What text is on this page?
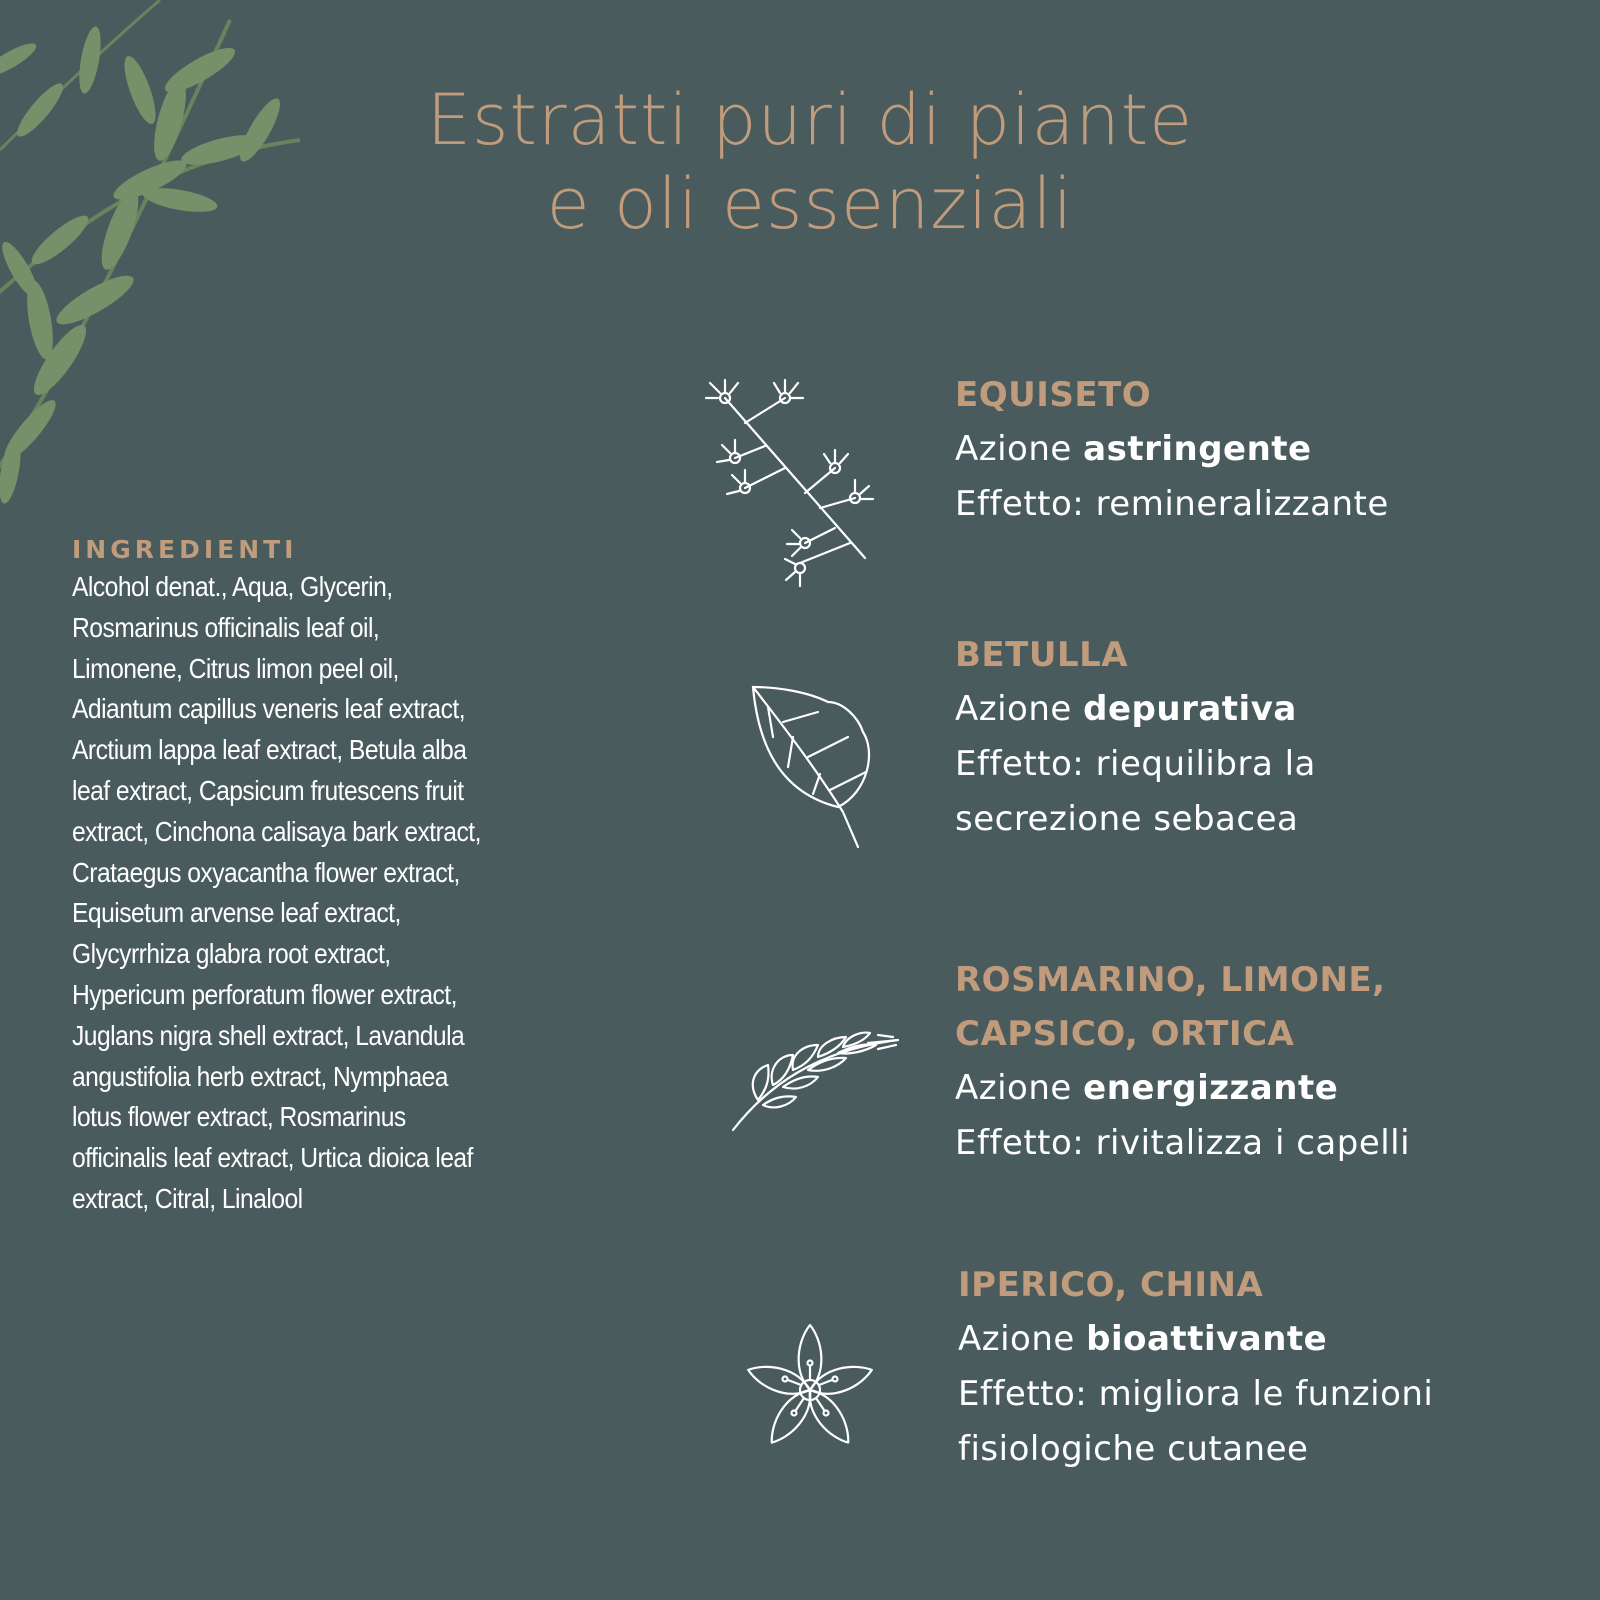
Estratti puri di piante
e oli essenziali
INGREDIENTI
Alcohol denat., Aqua, Glycerin,
Rosmarinus officinalis leaf oil,
Limonene, Citrus limon peel oil,
Adiantum capillus veneris leaf extract,
Arctium lappa leaf extract, Betula alba
leaf extract, Capsicum frutescens fruit
extract, Cinchona calisaya bark extract,
Crataegus oxyacantha flower extract,
Equisetum arvense leaf extract,
Glycyrrhiza glabra root extract,
Hypericum perforatum flower extract,
Juglans nigra shell extract, Lavandula
angustifolia herb extract, Nymphaea
lotus flower extract, Rosmarinus
officinalis leaf extract, Urtica dioica leaf
extract, Citral, Linalool
EQUISETO
Azione astringente
Effetto: remineralizzante
BETULLA
Azione depurativa
Effetto: riequilibra la
secrezione sebacea
ROSMARINO, LIMONE,
CAPSICO, ORTICA
Azione energizzante
Effetto: rivitalizza i capelli
IPERICO, CHINA
Azione bioattivante
Effetto: migliora le funzioni
fisiologiche cutanee
